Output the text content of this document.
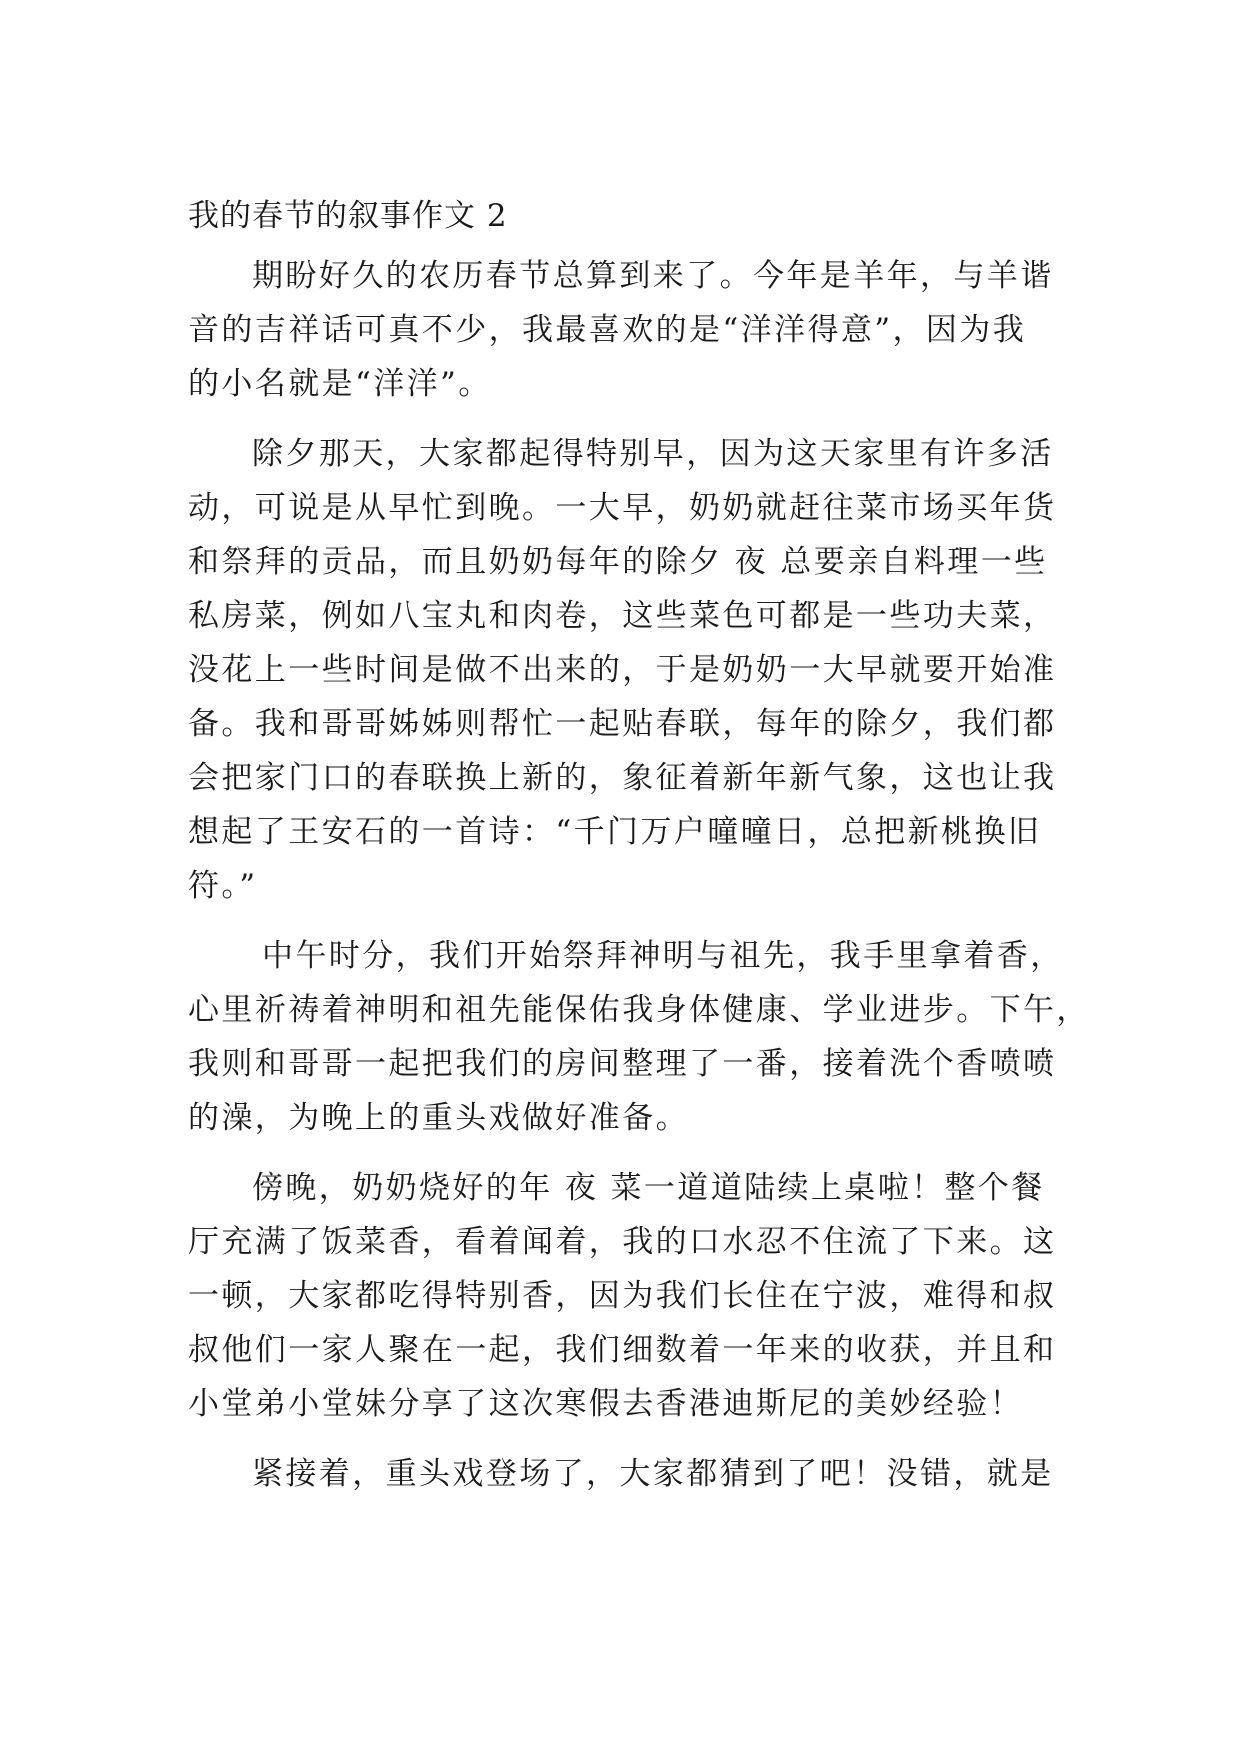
我的春节的叙事作文 2
期盼好久的农历春节总算到来了。今年是羊年，与羊谐
音的吉祥话可真不少，我最喜欢的是“洋洋得意”，因为我
的小名就是“洋洋”。
除夕那天，大家都起得特别早，因为这天家里有许多活
动，可说是从早忙到晚。一大早，奶奶就赶往菜市场买年货
和祭拜的贡品，而且奶奶每年的除夕 夜 总要亲自料理一些
私房菜，例如八宝丸和肉卷，这些菜色可都是一些功夫菜，
没花上一些时间是做不出来的，于是奶奶一大早就要开始准
备。我和哥哥姊姊则帮忙一起贴春联，每年的除夕，我们都
会把家门口的春联换上新的，象征着新年新气象，这也让我
想起了王安石的一首诗：“千门万户曈曈日，总把新桃换旧
符。”
中午时分，我们开始祭拜神明与祖先，我手里拿着香，
心里祈祷着神明和祖先能保佑我身体健康、学业进步。下午，
我则和哥哥一起把我们的房间整理了一番，接着洗个香喷喷
的澡，为晚上的重头戏做好准备。
傍晚，奶奶烧好的年 夜 菜一道道陆续上桌啦！整个餐
厅充满了饭菜香，看着闻着，我的口水忍不住流了下来。这
一顿，大家都吃得特别香，因为我们长住在宁波，难得和叔
叔他们一家人聚在一起，我们细数着一年来的收获，并且和
小堂弟小堂妹分享了这次寒假去香港迪斯尼的美妙经验！
紧接着，重头戏登场了，大家都猜到了吧！没错，就是
